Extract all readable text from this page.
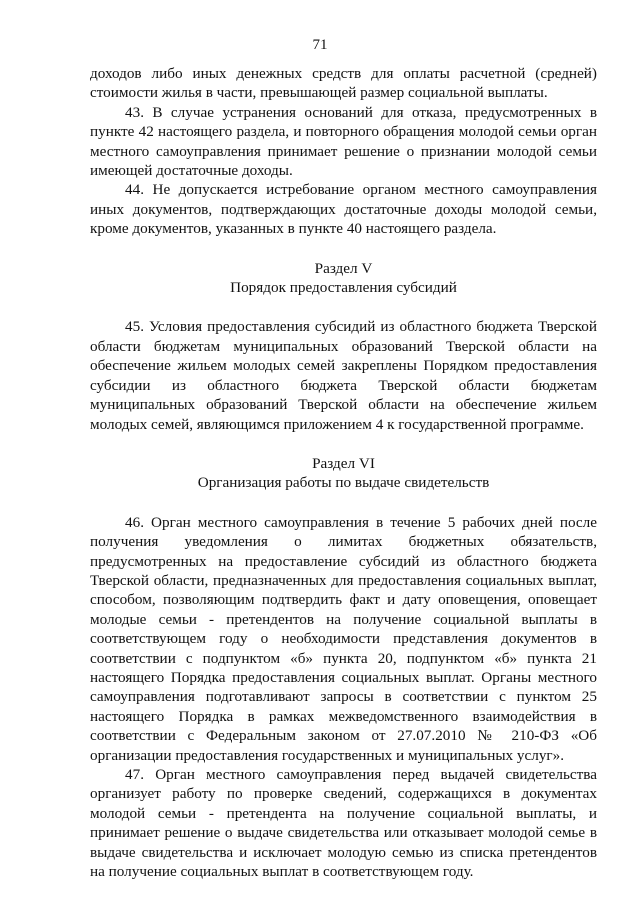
71

доходов либо иных денежных средств для оплаты расчетной (средней) стоимости жилья в части, превышающей размер социальной выплаты.

43. В случае устранения оснований для отказа, предусмотренных в пункте 42 настоящего раздела, и повторного обращения молодой семьи орган местного самоуправления принимает решение о признании молодой семьи имеющей достаточные доходы.

44. Не допускается истребование органом местного самоуправления иных документов, подтверждающих достаточные доходы молодой семьи, кроме документов, указанных в пункте 40 настоящего раздела.

Раздел V
Порядок предоставления субсидий

45. Условия предоставления субсидий из областного бюджета Тверской области бюджетам муниципальных образований Тверской области на обеспечение жильем молодых семей закреплены Порядком предоставления субсидии из областного бюджета Тверской области бюджетам муниципальных образований Тверской области на обеспечение жильем молодых семей, являющимся приложением 4 к государственной программе.

Раздел VI
Организация работы по выдаче свидетельств

46. Орган местного самоуправления в течение 5 рабочих дней после получения уведомления о лимитах бюджетных обязательств, предусмотренных на предоставление субсидий из областного бюджета Тверской области, предназначенных для предоставления социальных выплат, способом, позволяющим подтвердить факт и дату оповещения, оповещает молодые семьи - претендентов на получение социальной выплаты в соответствующем году о необходимости представления документов в соответствии с подпунктом «б» пункта 20, подпунктом «б» пункта 21 настоящего Порядка предоставления социальных выплат. Органы местного самоуправления подготавливают запросы в соответствии с пунктом 25 настоящего Порядка в рамках межведомственного взаимодействия в соответствии с Федеральным законом от 27.07.2010 № 210-ФЗ «Об организации предоставления государственных и муниципальных услуг».

47. Орган местного самоуправления перед выдачей свидетельства организует работу по проверке сведений, содержащихся в документах молодой семьи - претендента на получение социальной выплаты, и принимает решение о выдаче свидетельства или отказывает молодой семье в выдаче свидетельства и исключает молодую семью из списка претендентов на получение социальных выплат в соответствующем году.
